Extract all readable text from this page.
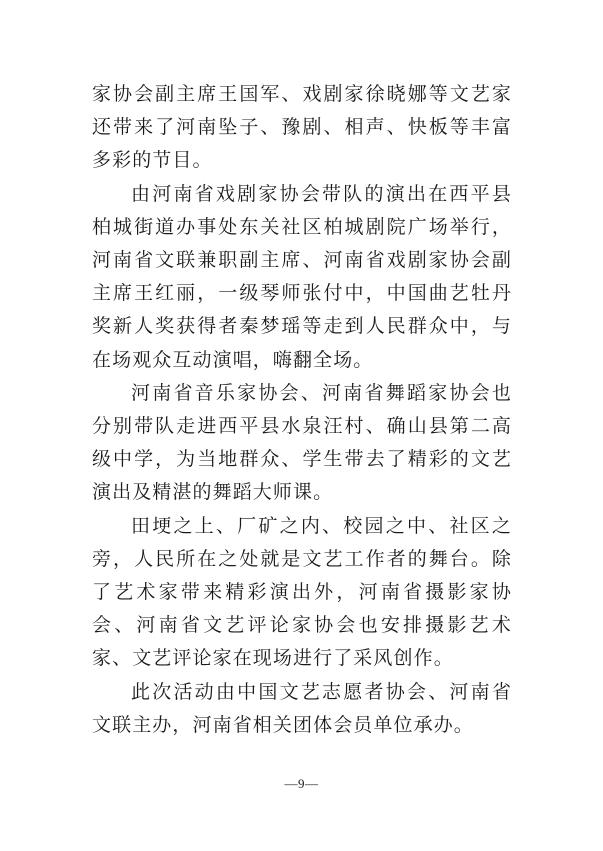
家协会副主席王国军、戏剧家徐晓娜等文艺家还带来了河南坠子、豫剧、相声、快板等丰富多彩的节目。

由河南省戏剧家协会带队的演出在西平县柏城街道办事处东关社区柏城剧院广场举行，河南省文联兼职副主席、河南省戏剧家协会副主席王红丽，一级琴师张付中，中国曲艺牡丹奖新人奖获得者秦梦瑶等走到人民群众中，与在场观众互动演唱，嗨翻全场。

河南省音乐家协会、河南省舞蹈家协会也分别带队走进西平县水泉汪村、确山县第二高级中学，为当地群众、学生带去了精彩的文艺演出及精湛的舞蹈大师课。

田埂之上、厂矿之内、校园之中、社区之旁，人民所在之处就是文艺工作者的舞台。除了艺术家带来精彩演出外，河南省摄影家协会、河南省文艺评论家协会也安排摄影艺术家、文艺评论家在现场进行了采风创作。

此次活动由中国文艺志愿者协会、河南省文联主办，河南省相关团体会员单位承办。

—9—
